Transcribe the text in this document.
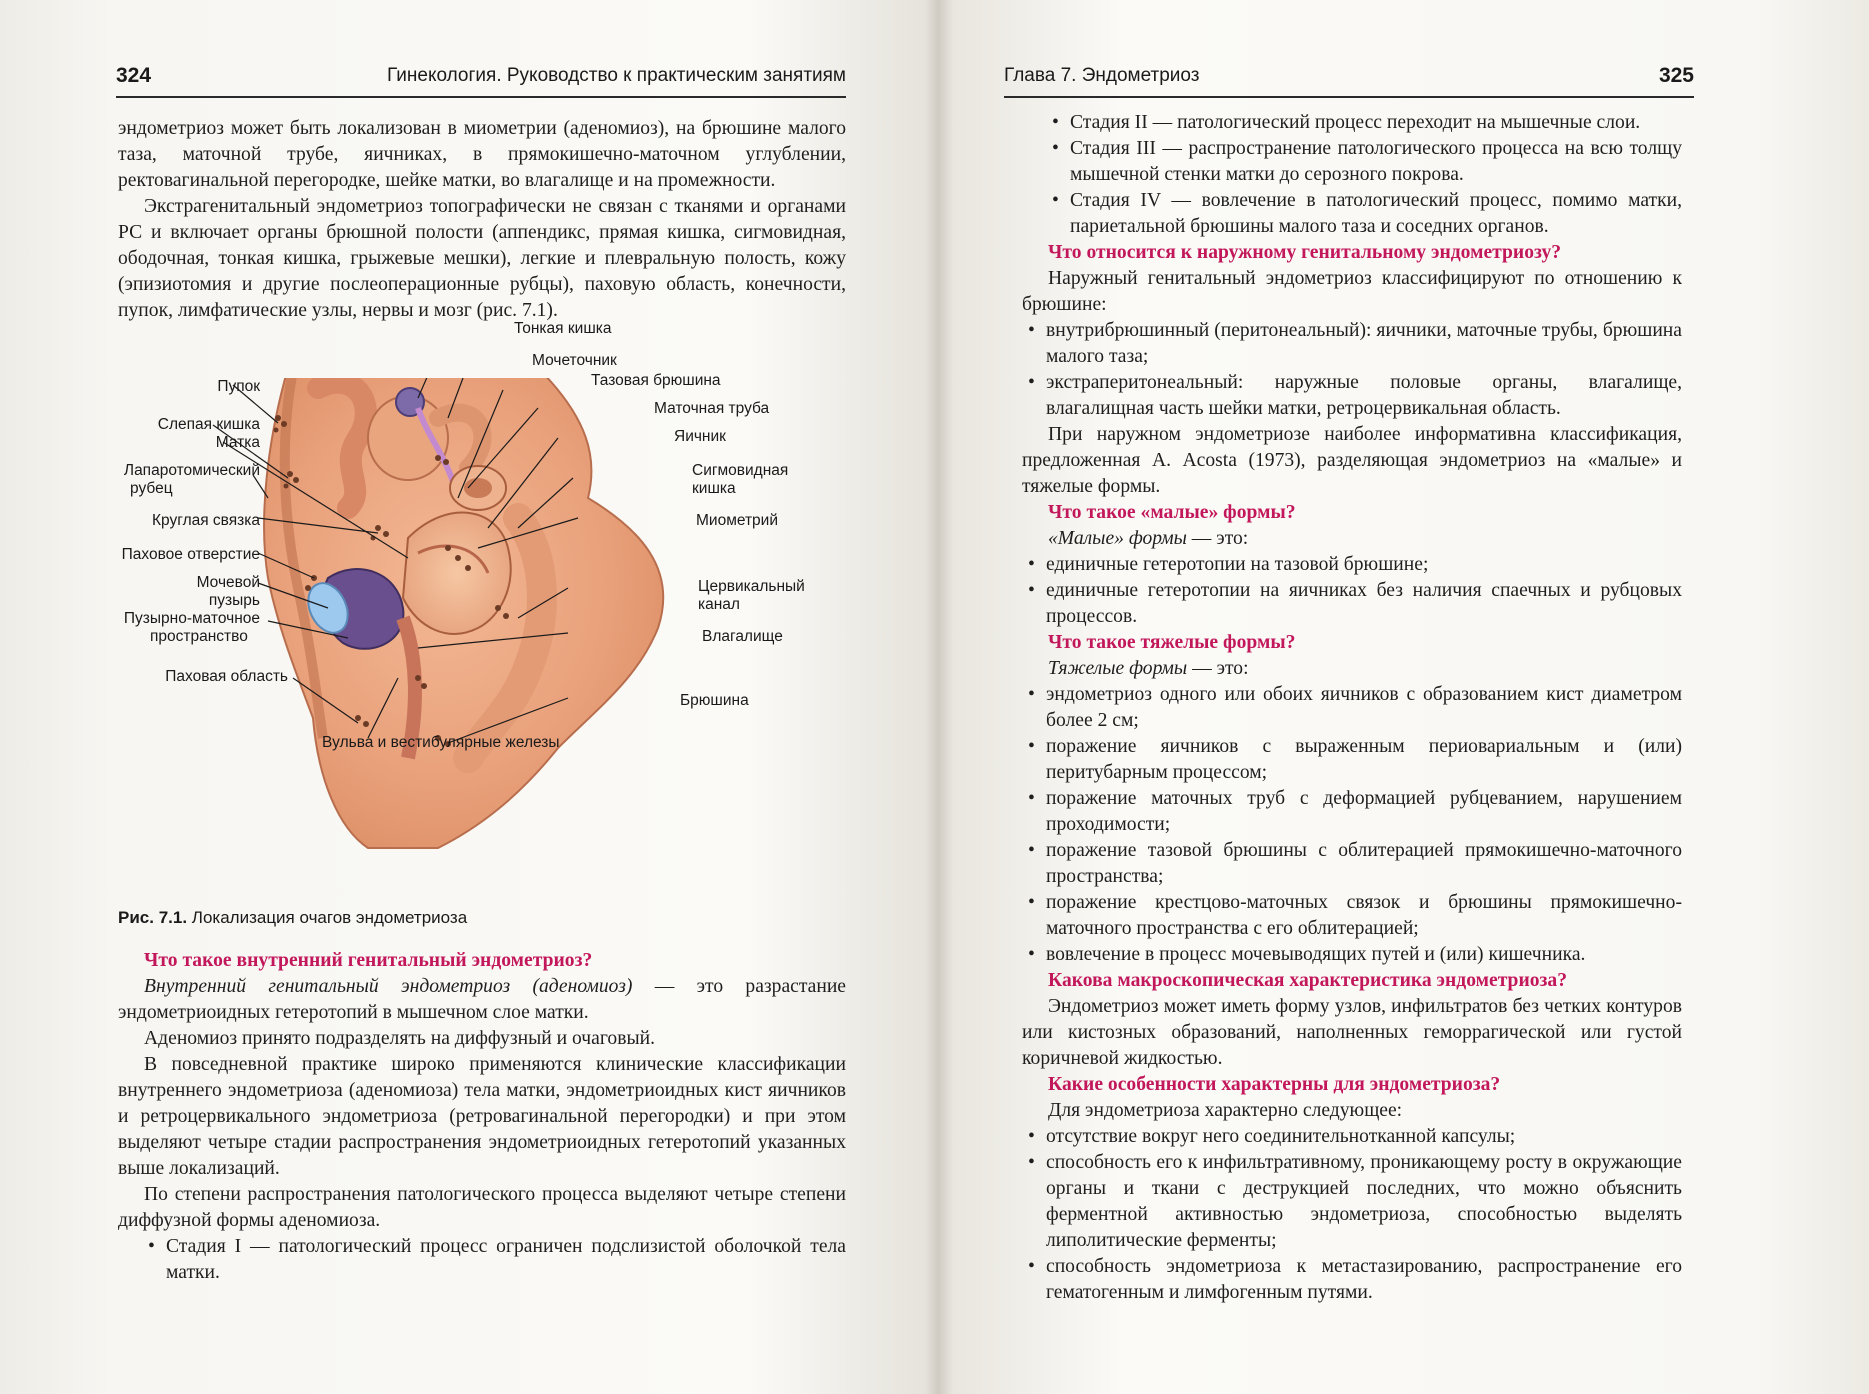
324	Гинекология. Руководство к практическим занятиям

эндометриоз может быть локализован в миометрии (аденомиоз), на брюшине малого таза, маточной трубе, яичниках, в прямокишечно-маточном углублении, ректовагинальной перегородке, шейке матки, во влагалище и на промежности.

Экстрагенитальный эндометриоз топографически не связан с тканями и органами РС и включает органы брюшной полости (аппендикс, прямая кишка, сигмовидная, ободочная, тонкая кишка, грыжевые мешки), легкие и плевральную полость, кожу (эпизиотомия и другие послеоперационные рубцы), паховую область, конечности, пупок, лимфатические узлы, нервы и мозг (рис. 7.1).

Тонкая кишка
Мочеточник
Тазовая брюшина
Маточная труба
Яичник
Сигмовидная
кишка
Миометрий
Цервикальный
канал
Влагалище
Брюшина
Вульва и вестибулярные железы
Пупок
Слепая кишка
Матка
Лапаротомический
рубец
Круглая связка
Паховое отверстие
Мочевой
пузырь
Пузырно-маточное
пространство
Паховая область
Рис. 7.1. Локализация очагов эндометриоза

Что такое внутренний генитальный эндометриоз?

Внутренний генитальный эндометриоз (аденомиоз) — это разрастание эндометриоидных гетеротопий в мышечном слое матки.

Аденомиоз принято подразделять на диффузный и очаговый.

В повседневной практике широко применяются клинические классификации внутреннего эндометриоза (аденомиоза) тела матки, эндометриоидных кист яичников и ретроцервикального эндометриоза (ретровагинальной перегородки) и при этом выделяют четыре стадии распространения эндометриоидных гетеротопий указанных выше локализаций.

По степени распространения патологического процесса выделяют четыре степени диффузной формы аденомиоза.

• Стадия I — патологический процесс ограничен подслизистой оболочкой тела матки.
Глава 7. Эндометриоз	325
• Стадия II — патологический процесс переходит на мышечные слои.
• Стадия III — распространение патологического процесса на всю толщу мышечной стенки матки до серозного покрова.
• Стадия IV — вовлечение в патологический процесс, помимо матки, париетальной брюшины малого таза и соседних органов.

Что относится к наружному генитальному эндометриозу?

Наружный генитальный эндометриоз классифицируют по отношению к брюшине:

• внутрибрюшинный (перитонеальный): яичники, маточные трубы, брюшина малого таза;
• экстраперитонеальный: наружные половые органы, влагалище, влагалищная часть шейки матки, ретроцервикальная область.

При наружном эндометриозе наиболее информативна классификация, предложенная А. Acosta (1973), разделяющая эндометриоз на «малые» и тяжелые формы.

Что такое «малые» формы?

«Малые» формы — это:

• единичные гетеротопии на тазовой брюшине;
• единичные гетеротопии на яичниках без наличия спаечных и рубцовых процессов.

Что такое тяжелые формы?

Тяжелые формы — это:

• эндометриоз одного или обоих яичников с образованием кист диаметром более 2 см;
• поражение яичников с выраженным периовариальным и (или) перитубарным процессом;
• поражение маточных труб с деформацией рубцеванием, нарушением проходимости;
• поражение тазовой брюшины с облитерацией прямокишечно-маточного пространства;
• поражение крестцово-маточных связок и брюшины прямокишечно-маточного пространства с его облитерацией;
• вовлечение в процесс мочевыводящих путей и (или) кишечника.

Какова макроскопическая характеристика эндометриоза?

Эндометриоз может иметь форму узлов, инфильтратов без четких контуров или кистозных образований, наполненных геморрагической или густой коричневой жидкостью.

Какие особенности характерны для эндометриоза?

Для эндометриоза характерно следующее:

• отсутствие вокруг него соединительнотканной капсулы;
• способность его к инфильтративному, проникающему росту в окружающие органы и ткани с деструкцией последних, что можно объяснить ферментной активностью эндометриоза, способностью выделять липолитические ферменты;
• способность эндометриоза к метастазированию, распространение его гематогенным и лимфогенным путями.
